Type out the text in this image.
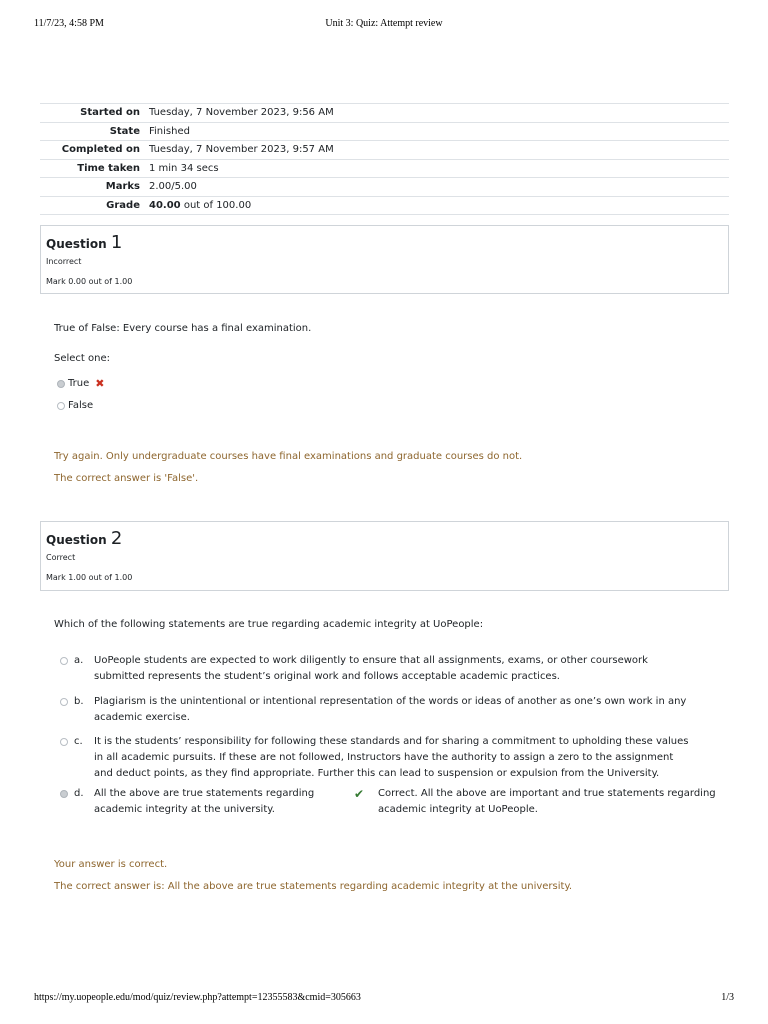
11/7/23, 4:58 PM	Unit 3: Quiz: Attempt review
Started on	Tuesday, 7 November 2023, 9:56 AM
State	Finished
Completed on	Tuesday, 7 November 2023, 9:57 AM
Time taken	1 min 34 secs
Marks	2.00/5.00
Grade	40.00 out of 100.00
Question 1
Incorrect
Mark 0.00 out of 1.00
True of False: Every course has a final examination.
Select one:
True ✖
False
Try again. Only undergraduate courses have final examinations and graduate courses do not.
The correct answer is 'False'.
Question 2
Correct
Mark 1.00 out of 1.00
Which of the following statements are true regarding academic integrity at UoPeople:
a. UoPeople students are expected to work diligently to ensure that all assignments, exams, or other coursework submitted represents the student’s original work and follows acceptable academic practices.
b. Plagiarism is the unintentional or intentional representation of the words or ideas of another as one’s own work in any academic exercise.
c. It is the students’ responsibility for following these standards and for sharing a commitment to upholding these values in all academic pursuits. If these are not followed, Instructors have the authority to assign a zero to the assignment and deduct points, as they find appropriate. Further this can lead to suspension or expulsion from the University.
d. All the above are true statements regarding academic integrity at the university.
✔ Correct. All the above are important and true statements regarding academic integrity at UoPeople.
Your answer is correct.
The correct answer is: All the above are true statements regarding academic integrity at the university.
https://my.uopeople.edu/mod/quiz/review.php?attempt=12355583&cmid=305663	1/3
